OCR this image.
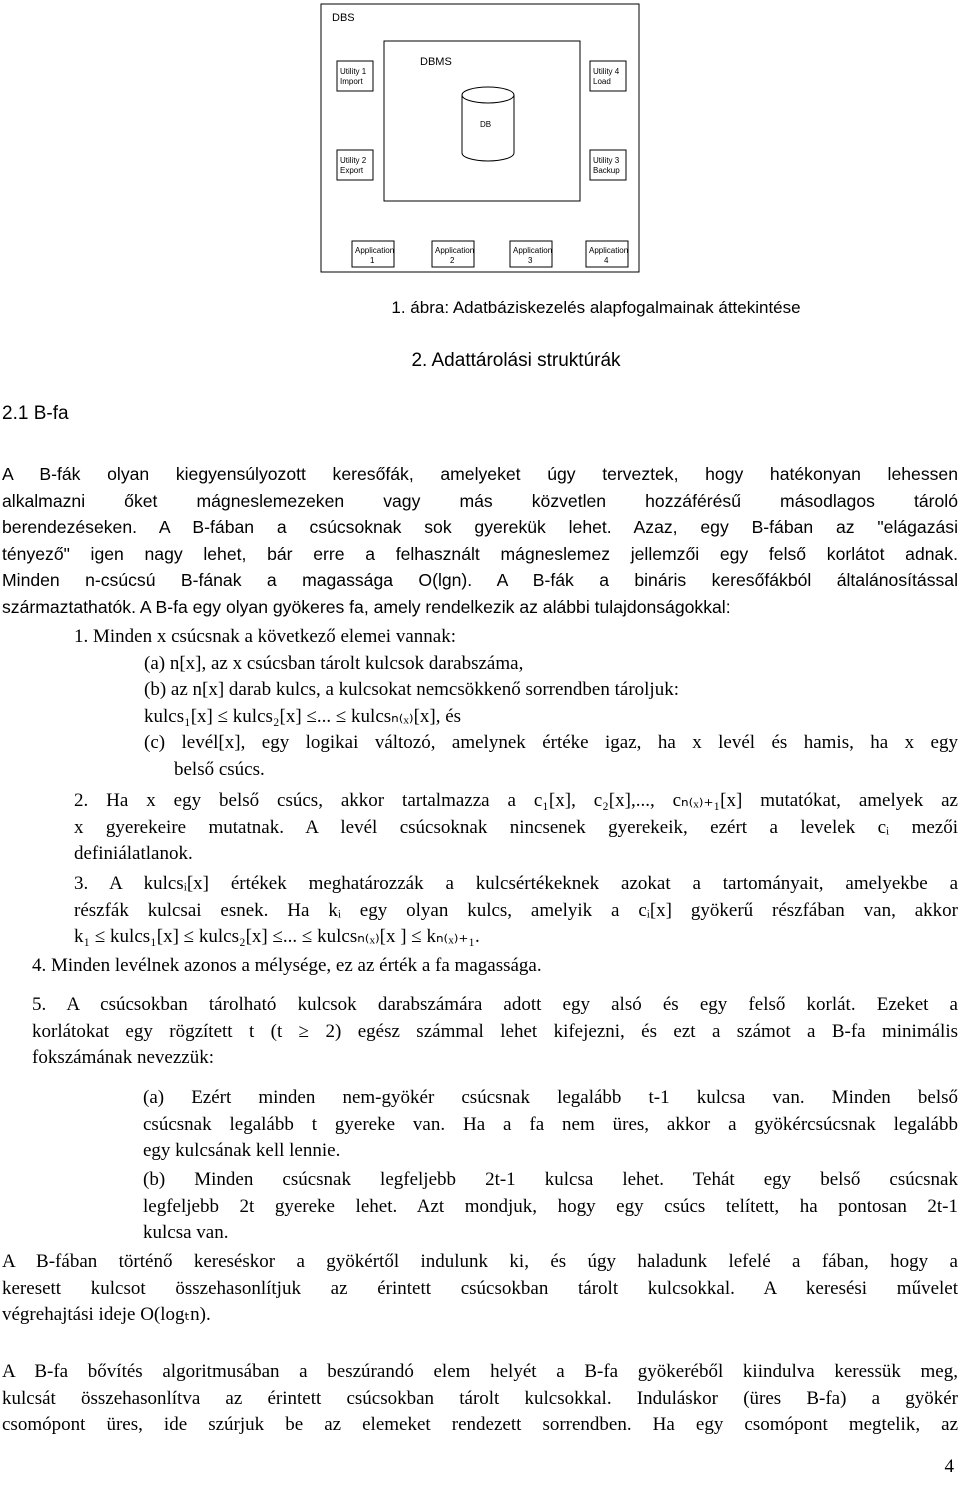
DBS
DBMS
DB
Utility 1
Import
Utility 4
Load
Utility 2
Export
Utility 3
Backup
Application
1
Application
2
Application
3
Application
4
1. ábra: Adatbáziskezelés alapfogalmainak áttekintése
2. Adattárolási struktúrák
2.1 B-fa
A B-fák olyan kiegyensúlyozott keresőfák, amelyeket úgy terveztek, hogy hatékonyan lehessen
alkalmazni őket mágneslemezeken vagy más közvetlen hozzáférésű másodlagos tároló
berendezéseken. A B-fában a csúcsoknak sok gyerekük lehet. Azaz, egy B-fában az "elágazási
tényező" igen nagy lehet, bár erre a felhasznált mágneslemez jellemzői egy felső korlátot adnak.
Minden n-csúcsú B-fának a magassága O(lgn). A B-fák a bináris keresőfákból általánosítással
származtathatók. A B-fa egy olyan gyökeres fa, amely rendelkezik az alábbi tulajdonságokkal:
1. Minden x csúcsnak a következő elemei vannak:
(a) n[x], az x csúcsban tárolt kulcsok darabszáma,
(b) az n[x] darab kulcs, a kulcsokat nemcsökkenő sorrendben tároljuk:
kulcs₁[x] ≤ kulcs₂[x] ≤... ≤ kulcsₙ₍ₓ₎[x], és
(c) levél[x], egy logikai változó, amelynek értéke igaz, ha x levél és hamis, ha x egy
belső csúcs.
2. Ha x egy belső csúcs, akkor tartalmazza a c₁[x], c₂[x],..., cₙ₍ₓ₎₊₁[x] mutatókat, amelyek az
x gyerekeire mutatnak. A levél csúcsoknak nincsenek gyerekeik, ezért a levelek cᵢ mezői
definiálatlanok.
3. A kulcsᵢ[x] értékek meghatározzák a kulcsértékeknek azokat a tartományait, amelyekbe a
részfák kulcsai esnek. Ha kᵢ egy olyan kulcs, amelyik a cᵢ[x] gyökerű részfában van, akkor
k₁ ≤ kulcs₁[x] ≤ kulcs₂[x] ≤... ≤ kulcsₙ₍ₓ₎[x ] ≤ kₙ₍ₓ₎₊₁.
4. Minden levélnek azonos a mélysége, ez az érték a fa magassága.
5. A csúcsokban tárolható kulcsok darabszámára adott egy alsó és egy felső korlát. Ezeket a
korlátokat egy rögzített t (t ≥ 2) egész számmal lehet kifejezni, és ezt a számot a B-fa minimális
fokszámának nevezzük:
(a) Ezért minden nem-gyökér csúcsnak legalább t-1 kulcsa van. Minden belső
csúcsnak legalább t gyereke van. Ha a fa nem üres, akkor a gyökércsúcsnak legalább
egy kulcsának kell lennie.
(b) Minden csúcsnak legfeljebb 2t-1 kulcsa lehet. Tehát egy belső csúcsnak
legfeljebb 2t gyereke lehet. Azt mondjuk, hogy egy csúcs telített, ha pontosan 2t-1
kulcsa van.
A B-fában történő kereséskor a gyökértől indulunk ki, és úgy haladunk lefelé a fában, hogy a
keresett kulcsot összehasonlítjuk az érintett csúcsokban tárolt kulcsokkal. A keresési művelet
végrehajtási ideje O(logₜn).
A B-fa bővítés algoritmusában a beszúrandó elem helyét a B-fa gyökeréből kiindulva keressük meg,
kulcsát összehasonlítva az érintett csúcsokban tárolt kulcsokkal. Induláskor (üres B-fa) a gyökér
csomópont üres, ide szúrjuk be az elemeket rendezett sorrendben. Ha egy csomópont megtelik, az
4
